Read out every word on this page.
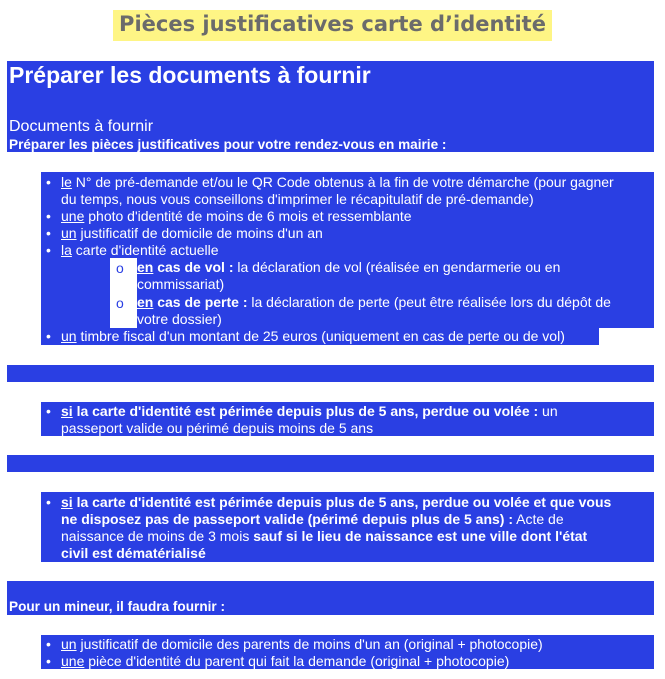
Pièces justificatives carte d’identité
Préparer les documents à fournir
Documents à fournir
Préparer les pièces justificatives pour votre rendez-vous en mairie :
• le N° de pré-demande et/ou le QR Code obtenus à la fin de votre démarche (pour gagner
du temps, nous vous conseillons d'imprimer le récapitulatif de pré-demande)
• une photo d'identité de moins de 6 mois et ressemblante
• un justificatif de domicile de moins d'un an
• la carte d'identité actuelle
o en cas de vol : la déclaration de vol (réalisée en gendarmerie ou en
commissariat)
o en cas de perte : la déclaration de perte (peut être réalisée lors du dépôt de
votre dossier)
• un timbre fiscal d'un montant de 25 euros (uniquement en cas de perte ou de vol)
• si la carte d'identité est périmée depuis plus de 5 ans, perdue ou volée : un
passeport valide ou périmé depuis moins de 5 ans
• si la carte d'identité est périmée depuis plus de 5 ans, perdue ou volée et que vous
ne disposez pas de passeport valide (périmé depuis plus de 5 ans) : Acte de
naissance de moins de 3 mois sauf si le lieu de naissance est une ville dont l'état
civil est dématérialisé
Pour un mineur, il faudra fournir :
• un justificatif de domicile des parents de moins d'un an (original + photocopie)
• une pièce d'identité du parent qui fait la demande (original + photocopie)
